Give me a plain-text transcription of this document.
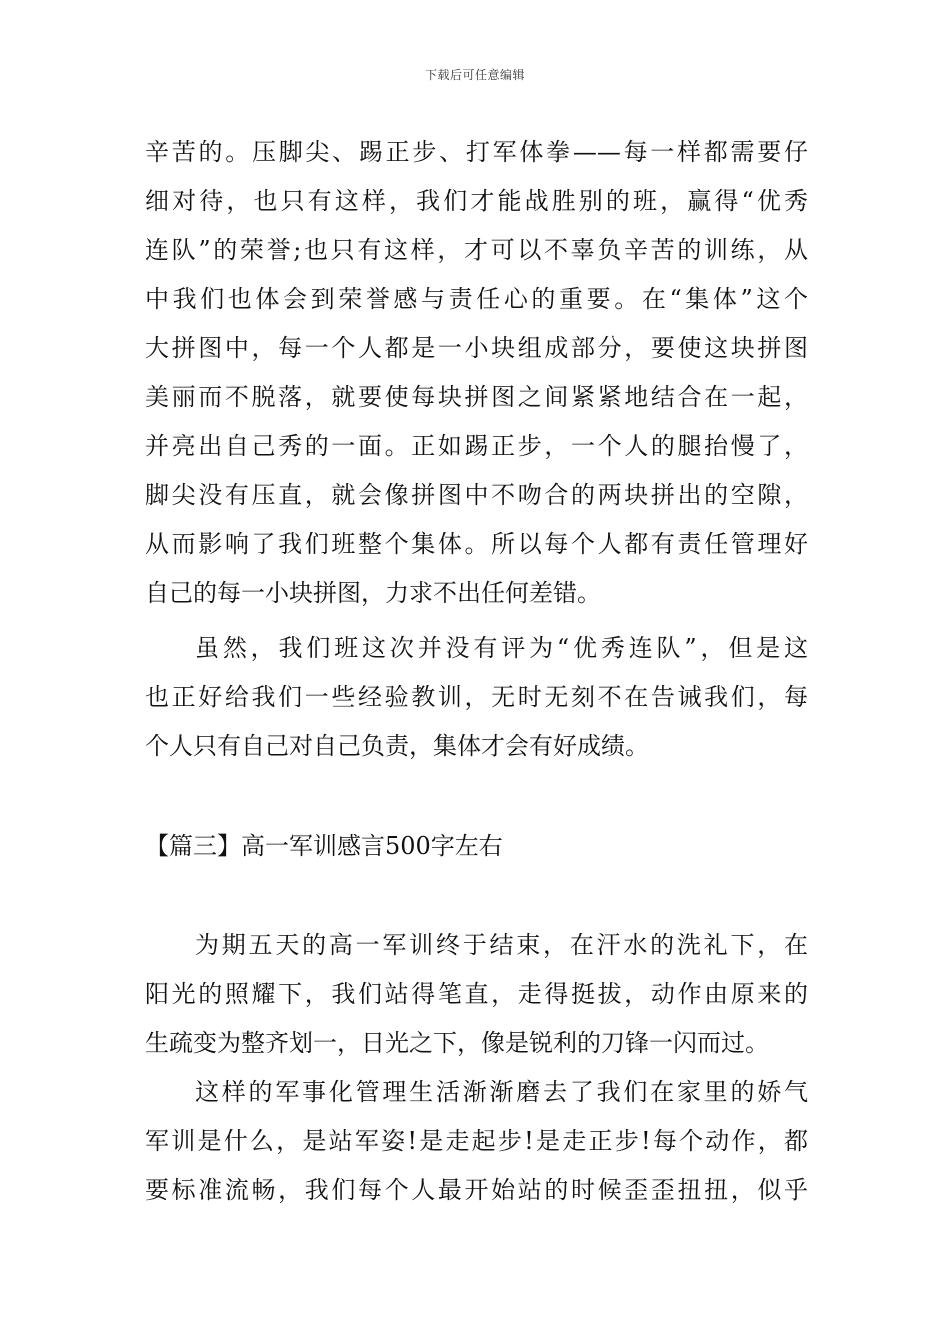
下载后可任意编辑
辛苦的。压脚尖、踢正步、打军体拳——每一样都需要仔
细对待，也只有这样，我们才能战胜别的班，赢得“优秀
连队”的荣誉;也只有这样，才可以不辜负辛苦的训练，从
中我们也体会到荣誉感与责任心的重要。在“集体”这个
大拼图中，每一个人都是一小块组成部分，要使这块拼图
美丽而不脱落，就要使每块拼图之间紧紧地结合在一起，
并亮出自己秀的一面。正如踢正步，一个人的腿抬慢了，
脚尖没有压直，就会像拼图中不吻合的两块拼出的空隙，
从而影响了我们班整个集体。所以每个人都有责任管理好
自己的每一小块拼图，力求不出任何差错。
虽然，我们班这次并没有评为“优秀连队”，但是这
也正好给我们一些经验教训，无时无刻不在告诫我们，每
个人只有自己对自己负责，集体才会有好成绩。
【篇三】高一军训感言500字左右
为期五天的高一军训终于结束，在汗水的洗礼下，在
阳光的照耀下，我们站得笔直，走得挺拔，动作由原来的
生疏变为整齐划一，日光之下，像是锐利的刀锋一闪而过。
这样的军事化管理生活渐渐磨去了我们在家里的娇气
军训是什么，是站军姿!是走起步!是走正步!每个动作，都
要标准流畅，我们每个人最开始站的时候歪歪扭扭，似乎
